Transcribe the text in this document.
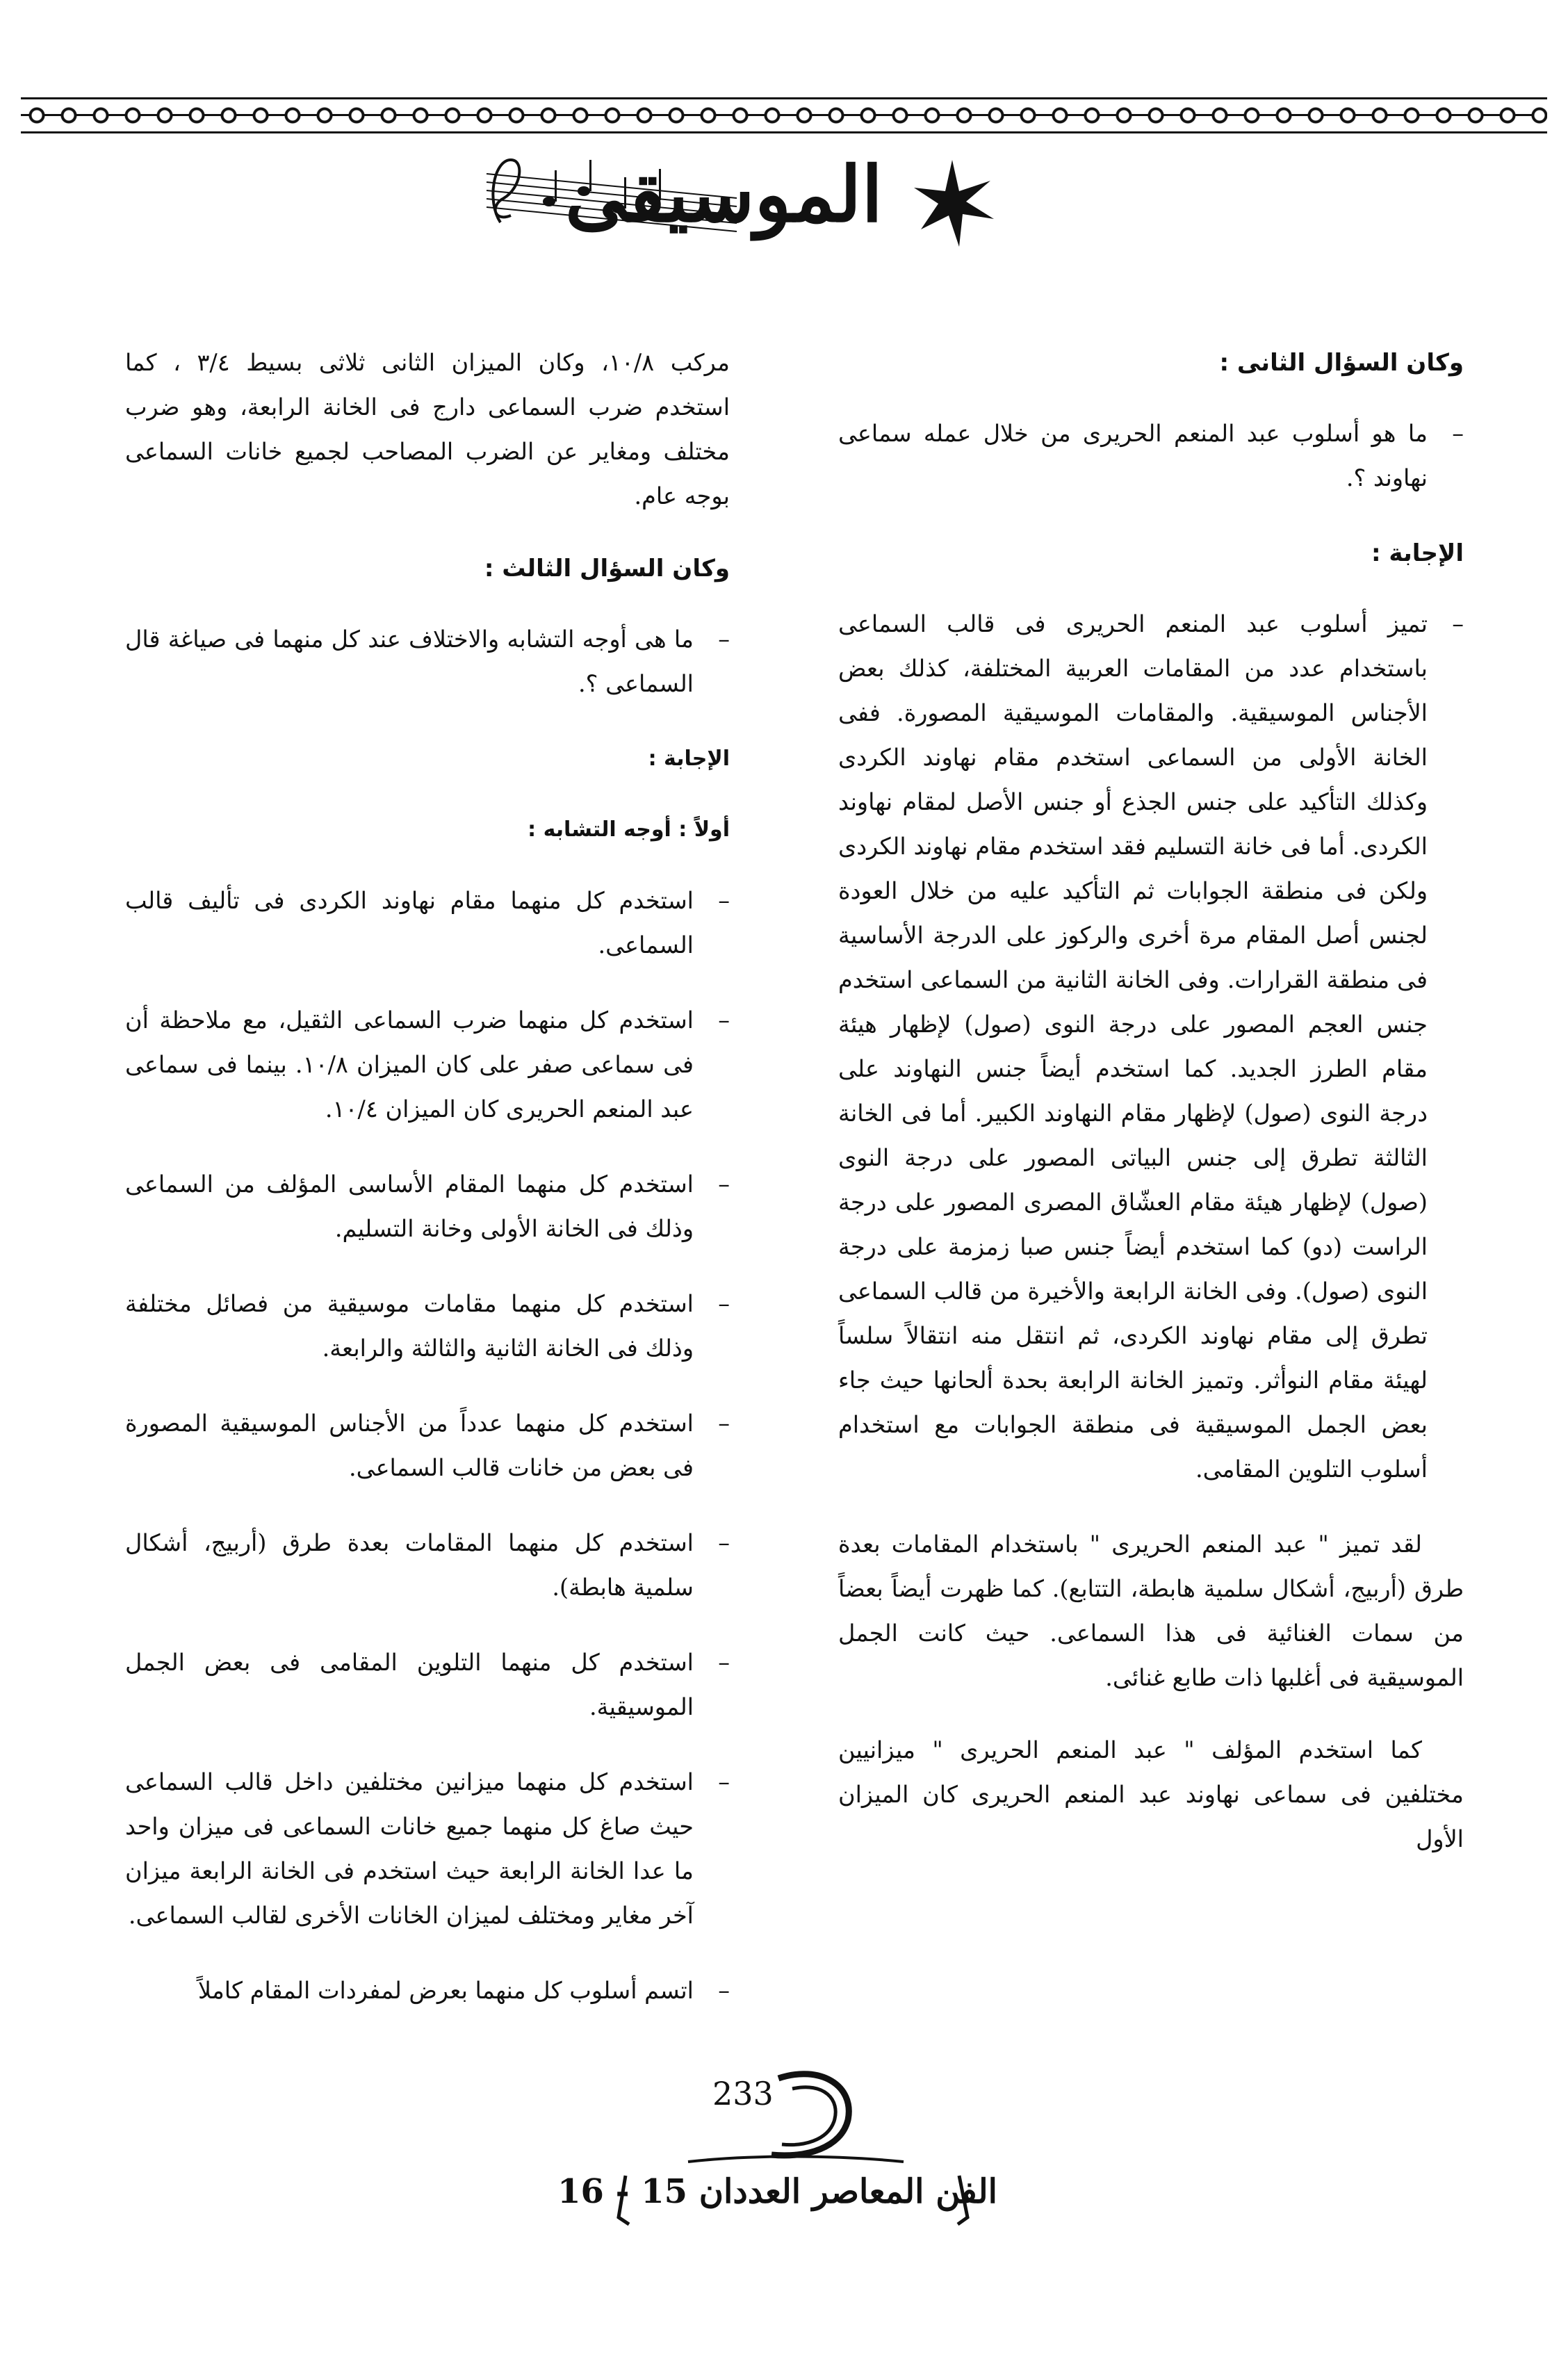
الموسيقى
وكان السؤال الثانى :
– ما هو أسلوب عبد المنعم الحريرى من خلال عمله سماعى نهاوند ؟.
الإجابة :
– تميز أسلوب عبد المنعم الحريرى فى قالب السماعى باستخدام عدد من المقامات العربية المختلفة، كذلك بعض الأجناس الموسيقية. والمقامات الموسيقية المصورة. ففى الخانة الأولى من السماعى استخدم مقام نهاوند الكردى وكذلك التأكيد على جنس الجذع أو جنس الأصل لمقام نهاوند الكردى. أما فى خانة التسليم فقد استخدم مقام نهاوند الكردى ولكن فى منطقة الجوابات ثم التأكيد عليه من خلال العودة لجنس أصل المقام مرة أخرى والركوز على الدرجة الأساسية فى منطقة القرارات. وفى الخانة الثانية من السماعى استخدم جنس العجم المصور على درجة النوى (صول) لإظهار هيئة مقام الطرز الجديد. كما استخدم أيضاً جنس النهاوند على درجة النوى (صول) لإظهار مقام النهاوند الكبير. أما فى الخانة الثالثة تطرق إلى جنس البياتى المصور على درجة النوى (صول) لإظهار هيئة مقام العشّاق المصرى المصور على درجة الراست (دو) كما استخدم أيضاً جنس صبا زمزمة على درجة النوى (صول). وفى الخانة الرابعة والأخيرة من قالب السماعى تطرق إلى مقام نهاوند الكردى، ثم انتقل منه انتقالاً سلساً لهيئة مقام النوأثر. وتميز الخانة الرابعة بحدة ألحانها حيث جاء بعض الجمل الموسيقية فى منطقة الجوابات مع استخدام أسلوب التلوين المقامى.
لقد تميز " عبد المنعم الحريرى " باستخدام المقامات بعدة طرق (أربيج، أشكال سلمية هابطة، التتابع). كما ظهرت أيضاً بعضاً من سمات الغنائية فى هذا السماعى. حيث كانت الجمل الموسيقية فى أغلبها ذات طابع غنائى.
كما استخدم المؤلف " عبد المنعم الحريرى " ميزانيين مختلفين فى سماعى نهاوند عبد المنعم الحريرى كان الميزان الأول
مركب ١٠/٨، وكان الميزان الثانى ثلاثى بسيط ٣/٤ ، كما استخدم ضرب السماعى دارج فى الخانة الرابعة، وهو ضرب مختلف ومغاير عن الضرب المصاحب لجميع خانات السماعى بوجه عام.
وكان السؤال الثالث :
– ما هى أوجه التشابه والاختلاف عند كل منهما فى صياغة قال السماعى ؟.
الإجابة :
أولاً : أوجه التشابه :
– استخدم كل منهما مقام نهاوند الكردى فى تأليف قالب السماعى.
– استخدم كل منهما ضرب السماعى الثقيل، مع ملاحظة أن فى سماعى صفر على كان الميزان ١٠/٨. بينما فى سماعى عبد المنعم الحريرى كان الميزان ١٠/٤.
– استخدم كل منهما المقام الأساسى المؤلف من السماعى وذلك فى الخانة الأولى وخانة التسليم.
– استخدم كل منهما مقامات موسيقية من فصائل مختلفة وذلك فى الخانة الثانية والثالثة والرابعة.
– استخدم كل منهما عدداً من الأجناس الموسيقية المصورة فى بعض من خانات قالب السماعى.
– استخدم كل منهما المقامات بعدة طرق (أربيج، أشكال سلمية هابطة).
– استخدم كل منهما التلوين المقامى فى بعض الجمل الموسيقية.
– استخدم كل منهما ميزانين مختلفين داخل قالب السماعى حيث صاغ كل منهما جميع خانات السماعى فى ميزان واحد ما عدا الخانة الرابعة حيث استخدم فى الخانة الرابعة ميزان آخر مغاير ومختلف لميزان الخانات الأخرى لقالب السماعى.
– اتسم أسلوب كل منهما بعرض لمفردات المقام كاملاً
233
الفن المعاصر العددان 15 - 16
